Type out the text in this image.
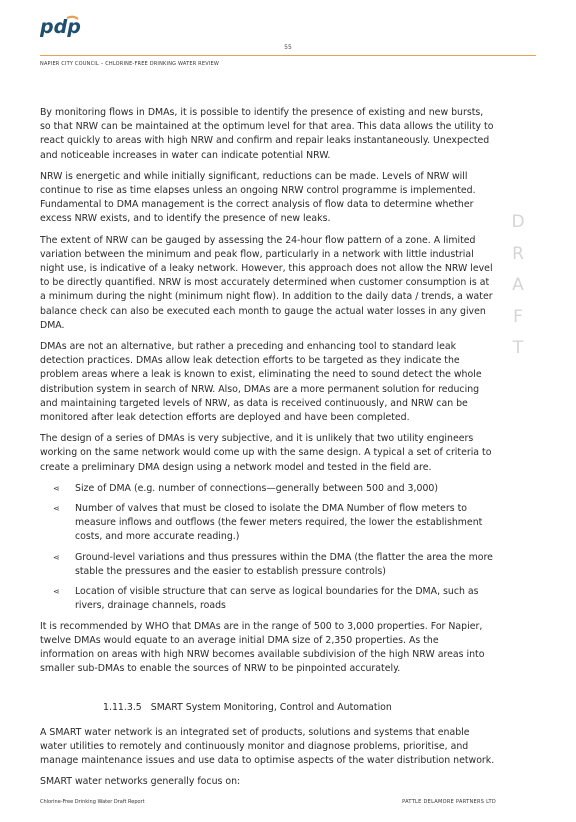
pdp
55
NAPIER CITY COUNCIL – CHLORINE-FREE DRINKING WATER REVIEW

By monitoring flows in DMAs, it is possible to identify the presence of existing and new bursts, so that NRW can be maintained at the optimum level for that area. This data allows the utility to react quickly to areas with high NRW and confirm and repair leaks instantaneously. Unexpected and noticeable increases in water can indicate potential NRW.

NRW is energetic and while initially significant, reductions can be made. Levels of NRW will continue to rise as time elapses unless an ongoing NRW control programme is implemented. Fundamental to DMA management is the correct analysis of flow data to determine whether excess NRW exists, and to identify the presence of new leaks.

The extent of NRW can be gauged by assessing the 24-hour flow pattern of a zone. A limited variation between the minimum and peak flow, particularly in a network with little industrial night use, is indicative of a leaky network. However, this approach does not allow the NRW level to be directly quantified. NRW is most accurately determined when customer consumption is at a minimum during the night (minimum night flow). In addition to the daily data / trends, a water balance check can also be executed each month to gauge the actual water losses in any given DMA.

DMAs are not an alternative, but rather a preceding and enhancing tool to standard leak detection practices. DMAs allow leak detection efforts to be targeted as they indicate the problem areas where a leak is known to exist, eliminating the need to sound detect the whole distribution system in search of NRW. Also, DMAs are a more permanent solution for reducing and maintaining targeted levels of NRW, as data is received continuously, and NRW can be monitored after leak detection efforts are deployed and have been completed.

The design of a series of DMAs is very subjective, and it is unlikely that two utility engineers working on the same network would come up with the same design. A typical a set of criteria to create a preliminary DMA design using a network model and tested in the field are.

⋖ Size of DMA (e.g. number of connections—generally between 500 and 3,000)
⋖ Number of valves that must be closed to isolate the DMA Number of flow meters to measure inflows and outflows (the fewer meters required, the lower the establishment costs, and more accurate reading.)
⋖ Ground-level variations and thus pressures within the DMA (the flatter the area the more stable the pressures and the easier to establish pressure controls)
⋖ Location of visible structure that can serve as logical boundaries for the DMA, such as rivers, drainage channels, roads

It is recommended by WHO that DMAs are in the range of 500 to 3,000 properties. For Napier, twelve DMAs would equate to an average initial DMA size of 2,350 properties. As the information on areas with high NRW becomes available subdivision of the high NRW areas into smaller sub-DMAs to enable the sources of NRW to be pinpointed accurately.

1.11.3.5 SMART System Monitoring, Control and Automation

A SMART water network is an integrated set of products, solutions and systems that enable water utilities to remotely and continuously monitor and diagnose problems, prioritise, and manage maintenance issues and use data to optimise aspects of the water distribution network.

SMART water networks generally focus on:

D
R
A
F
T
Chlorine-Free Drinking Water Draft Report	PATTLE DELAMORE PARTNERS LTD
